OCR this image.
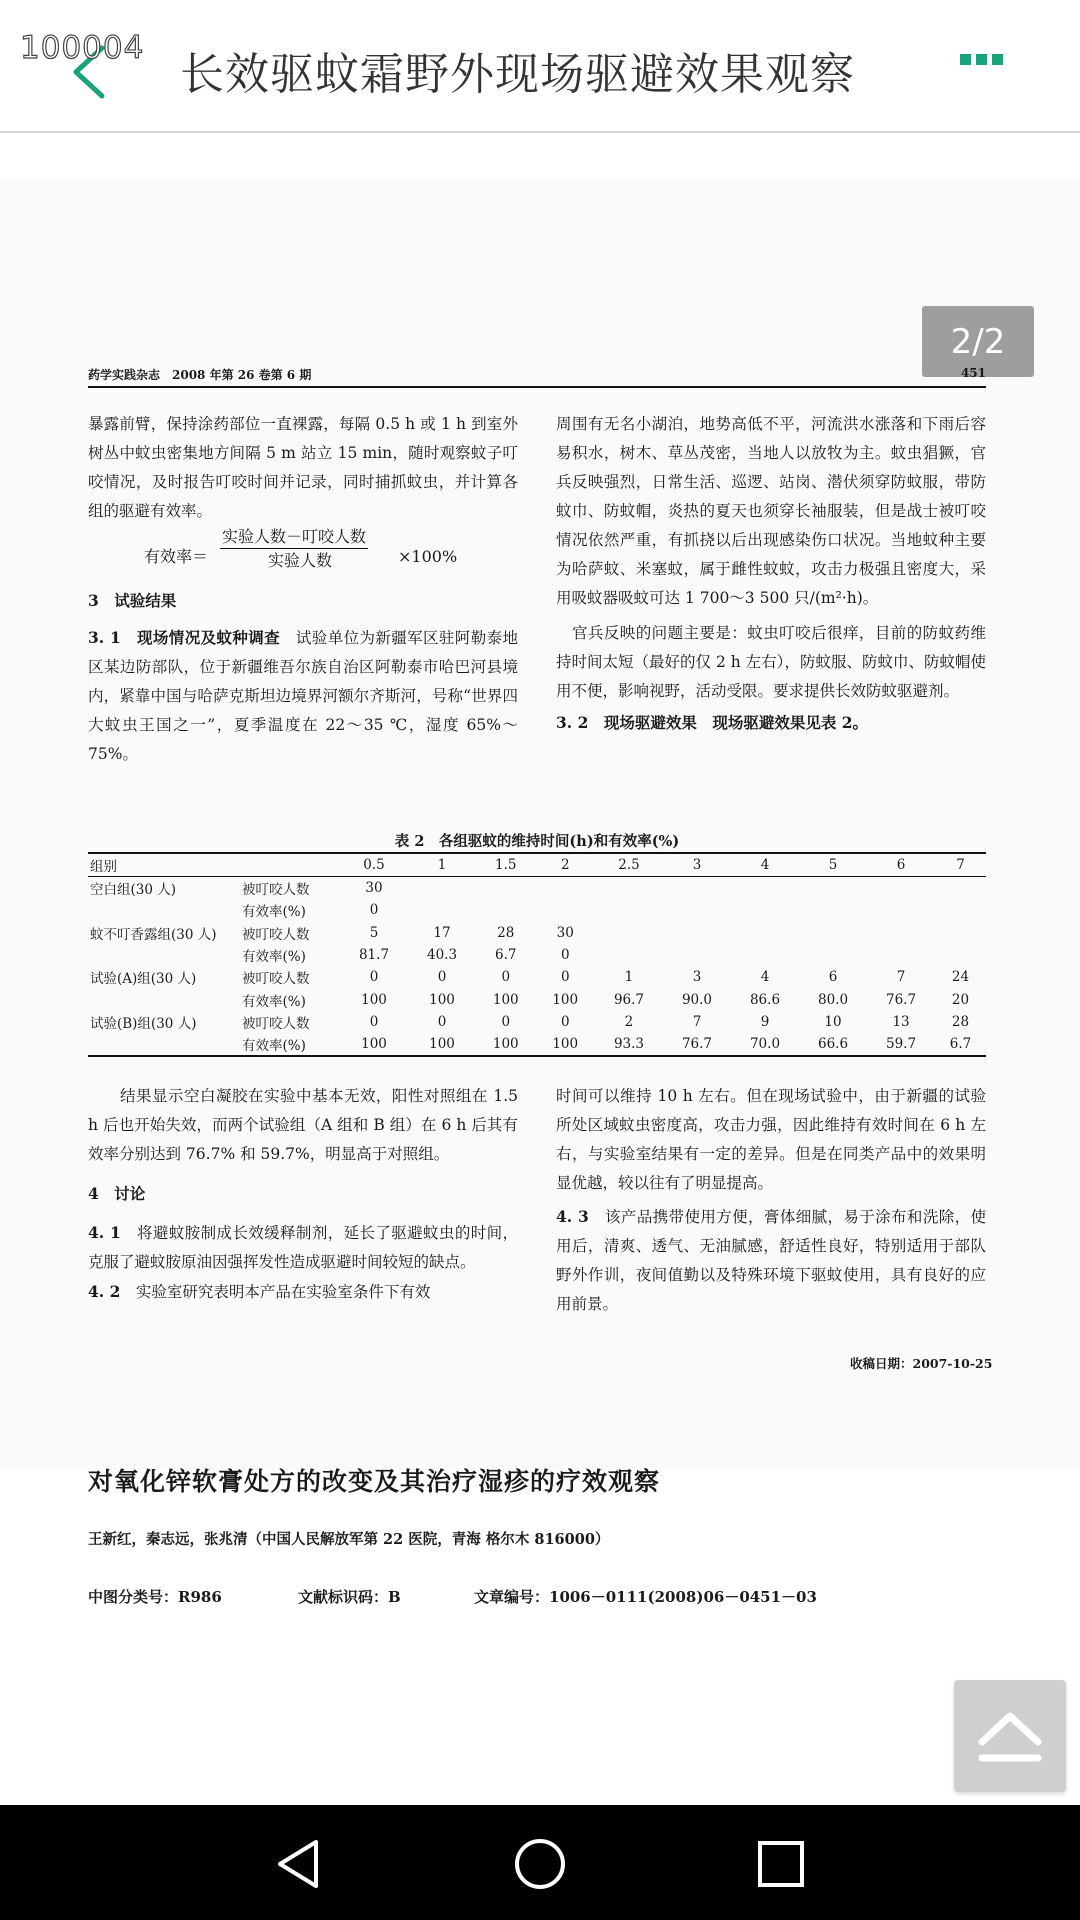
100004
长效驱蚊霜野外现场驱避效果观察
2/2
药学实践杂志　2008 年第 26 卷第 6 期	451

暴露前臂，保持涂药部位一直裸露，每隔 0.5 h 或 1 h 到室外树丛中蚊虫密集地方间隔 5 m 站立 15 min，随时观察蚊子叮咬情况，及时报告叮咬时间并记录，同时捕抓蚊虫，并计算各组的驱避有效率。

有效率＝
实验人数－叮咬人数
实验人数	×100%

3　试验结果

3. 1　现场情况及蚊种调查　试验单位为新疆军区驻阿勒泰地区某边防部队，位于新疆维吾尔族自治区阿勒泰市哈巴河县境内，紧靠中国与哈萨克斯坦边境界河额尔齐斯河，号称“世界四大蚊虫王国之一”，夏季温度在 22～35 ℃，湿度 65%～75%。

周围有无名小湖泊，地势高低不平，河流洪水涨落和下雨后容易积水，树木、草丛茂密，当地人以放牧为主。蚊虫猖獗，官兵反映强烈，日常生活、巡逻、站岗、潜伏须穿防蚊服，带防蚊巾、防蚊帽，炎热的夏天也须穿长袖服装，但是战士被叮咬情况依然严重，有抓挠以后出现感染伤口状况。当地蚊种主要为哈萨蚊、米塞蚊，属于雌性蚊蚊，攻击力极强且密度大，采用吸蚊器吸蚊可达 1 700～3 500 只/(m²·h)。

　官兵反映的问题主要是：蚊虫叮咬后很痒，目前的防蚊药维持时间太短（最好的仅 2 h 左右），防蚊服、防蚊巾、防蚊帽使用不便，影响视野，活动受限。要求提供长效防蚊驱避剂。

3. 2　现场驱避效果　现场驱避效果见表 2。

表 2　各组驱蚊的维持时间(h)和有效率(%)
组别		0.5	1	1.5	2	2.5	3	4	5	6	7
空白组(30 人)	被叮咬人数	30									
	有效率(%)	0									
蚊不叮香露组(30 人)	被叮咬人数	5	17	28	30						
	有效率(%)	81.7	40.3	6.7	0						
试验(A)组(30 人)	被叮咬人数	0	0	0	0	1	3	4	6	7	24
	有效率(%)	100	100	100	100	96.7	90.0	86.6	80.0	76.7	20
试验(B)组(30 人)	被叮咬人数	0	0	0	0	2	7	9	10	13	28
	有效率(%)	100	100	100	100	93.3	76.7	70.0	66.6	59.7	6.7

　　结果显示空白凝胶在实验中基本无效，阳性对照组在 1.5 h 后也开始失效，而两个试验组（A 组和 B 组）在 6 h 后其有效率分别达到 76.7% 和 59.7%，明显高于对照组。

4　讨论

4. 1　将避蚊胺制成长效缓释制剂，延长了驱避蚊虫的时间，克服了避蚊胺原油因强挥发性造成驱避时间较短的缺点。

4. 2　实验室研究表明本产品在实验室条件下有效

时间可以维持 10 h 左右。但在现场试验中，由于新疆的试验所处区域蚊虫密度高，攻击力强，因此维持有效时间在 6 h 左右，与实验室结果有一定的差异。但是在同类产品中的效果明显优越，较以往有了明显提高。

4. 3　该产品携带使用方便，膏体细腻，易于涂布和洗除，使用后，清爽、透气、无油腻感，舒适性良好，特别适用于部队野外作训，夜间值勤以及特殊环境下驱蚊使用，具有良好的应用前景。

收稿日期：2007-10-25
对氧化锌软膏处方的改变及其治疗湿疹的疗效观察
王新红，秦志远，张兆清（中国人民解放军第 22 医院，青海 格尔木 816000）
中图分类号：R986	文献标识码：B	文章编号：1006－0111(2008)06－0451－03
